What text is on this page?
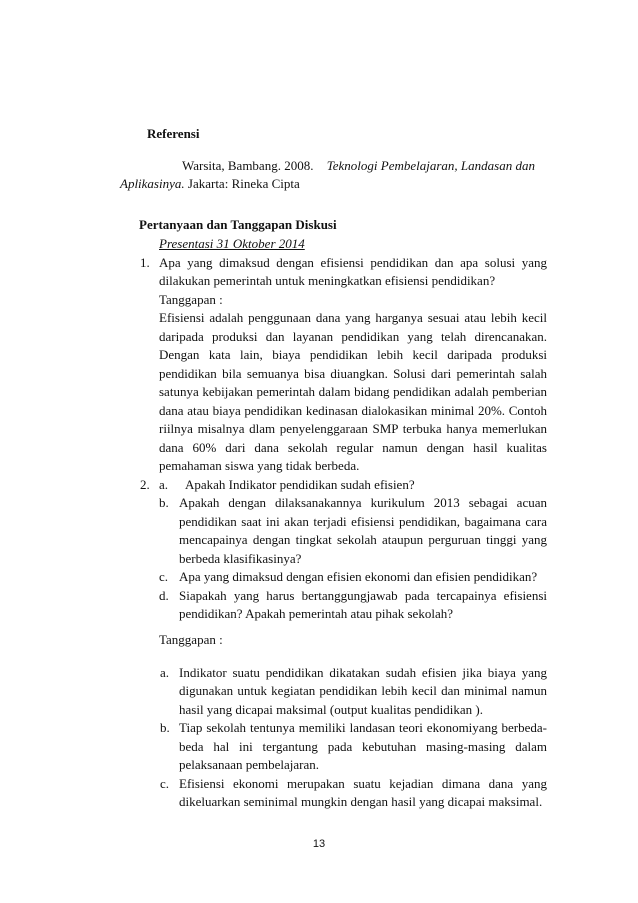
Referensi
Warsita, Bambang. 2008. Teknologi Pembelajaran, Landasan dan
Aplikasinya. Jakarta: Rineka Cipta
Pertanyaan dan Tanggapan Diskusi
Presentasi 31 Oktober 2014
1. Apa yang dimaksud dengan efisiensi pendidikan dan apa solusi yang
dilakukan pemerintah untuk meningkatkan efisiensi pendidikan?
Tanggapan :
Efisiensi adalah penggunaan dana yang harganya sesuai atau lebih kecil
daripada produksi dan layanan pendidikan yang telah direncanakan.
Dengan kata lain, biaya pendidikan lebih kecil daripada produksi
pendidikan bila semuanya bisa diuangkan. Solusi dari pemerintah salah
satunya kebijakan pemerintah dalam bidang pendidikan adalah pemberian
dana atau biaya pendidikan kedinasan dialokasikan minimal 20%. Contoh
riilnya misalnya dlam penyelenggaraan SMP terbuka hanya memerlukan
dana 60% dari dana sekolah regular namun dengan hasil kualitas
pemahaman siswa yang tidak berbeda.
2. a. Apakah Indikator pendidikan sudah efisien?
b. Apakah dengan dilaksanakannya kurikulum 2013 sebagai acuan
pendidikan saat ini akan terjadi efisiensi pendidikan, bagaimana cara
mencapainya dengan tingkat sekolah ataupun perguruan tinggi yang
berbeda klasifikasinya?
c. Apa yang dimaksud dengan efisien ekonomi dan efisien pendidikan?
d. Siapakah yang harus bertanggungjawab pada tercapainya efisiensi
pendidikan? Apakah pemerintah atau pihak sekolah?
Tanggapan :
a. Indikator suatu pendidikan dikatakan sudah efisien jika biaya yang
digunakan untuk kegiatan pendidikan lebih kecil dan minimal namun
hasil yang dicapai maksimal (output kualitas pendidikan ).
b. Tiap sekolah tentunya memiliki landasan teori ekonomiyang berbeda-
beda hal ini tergantung pada kebutuhan masing-masing dalam
pelaksanaan pembelajaran.
c. Efisiensi ekonomi merupakan suatu kejadian dimana dana yang
dikeluarkan seminimal mungkin dengan hasil yang dicapai maksimal.
13
